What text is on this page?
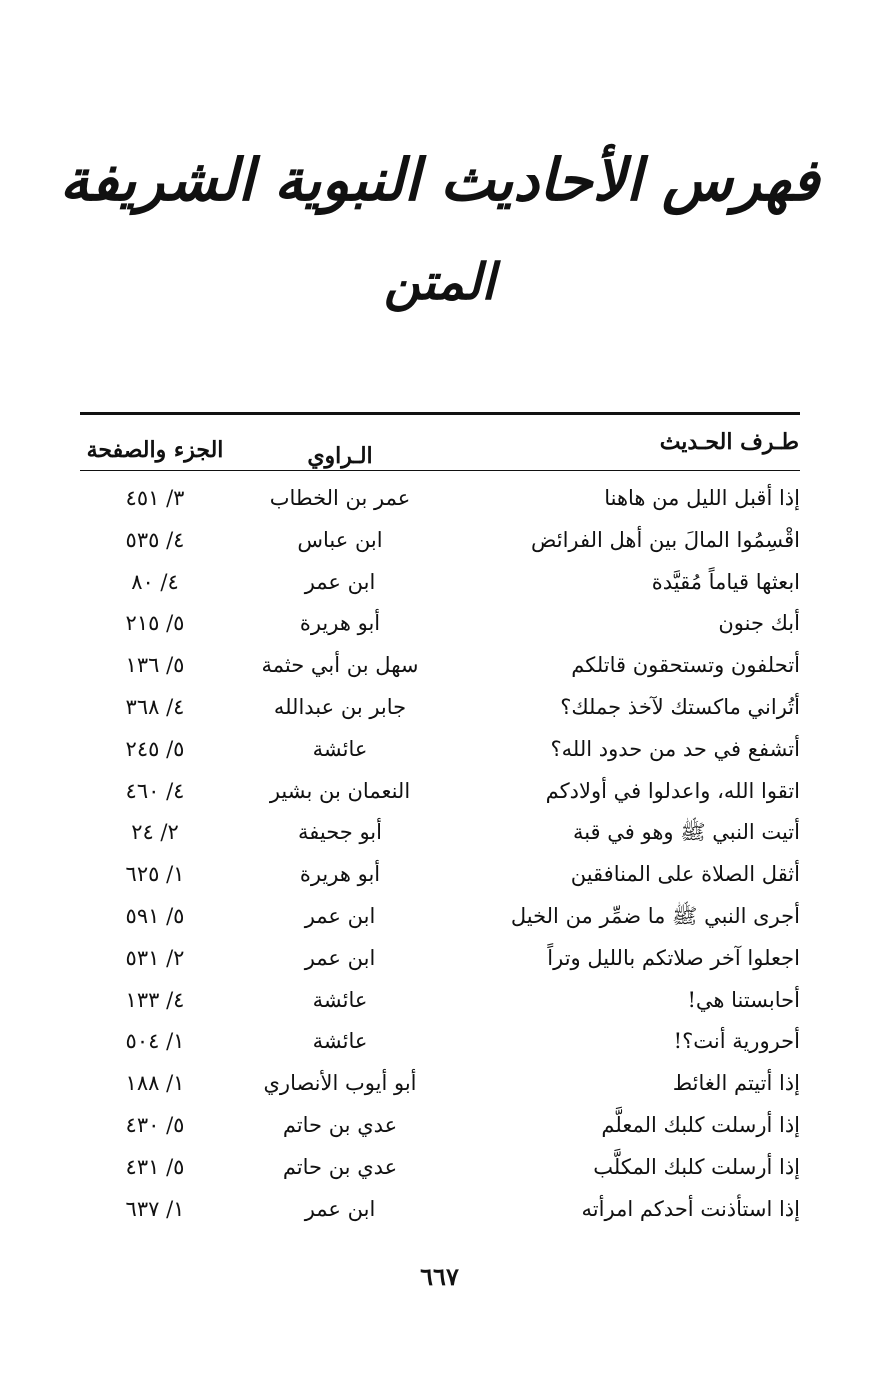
فهرس الأحاديث النبوية الشريفة
المتن
طـرف الحـديث
الـراوي
الجزء والصفحة
إذا أقبل الليل من هاهنا
عمر بن الخطاب
٣/ ٤٥١
اقْسِمُوا المالَ بين أهل الفرائض
ابن عباس
٤/ ٥٣٥
ابعثها قياماً مُقيَّدة
ابن عمر
٤/ ٨٠
أبك جنون
أبو هريرة
٥/ ٢١٥
أتحلفون وتستحقون قاتلكم
سهل بن أبي حثمة
٥/ ١٣٦
أتُراني ماكستك لآخذ جملك؟
جابر بن عبدالله
٤/ ٣٦٨
أتشفع في حد من حدود الله؟
عائشة
٥/ ٢٤٥
اتقوا الله، واعدلوا في أولادكم
النعمان بن بشير
٤/ ٤٦٠
أتيت النبي ﷺ وهو في قبة
أبو جحيفة
٢/ ٢٤
أثقل الصلاة على المنافقين
أبو هريرة
١/ ٦٢٥
أجرى النبي ﷺ ما ضمِّر من الخيل
ابن عمر
٥/ ٥٩١
اجعلوا آخر صلاتكم بالليل وتراً
ابن عمر
٢/ ٥٣١
أحابستنا هي!
عائشة
٤/ ١٣٣
أحرورية أنت؟!
عائشة
١/ ٥٠٤
إذا أتيتم الغائط
أبو أيوب الأنصاري
١/ ١٨٨
إذا أرسلت كلبك المعلَّم
عدي بن حاتم
٥/ ٤٣٠
إذا أرسلت كلبك المكلَّب
عدي بن حاتم
٥/ ٤٣١
إذا استأذنت أحدكم امرأته
ابن عمر
١/ ٦٣٧
٦٦٧
